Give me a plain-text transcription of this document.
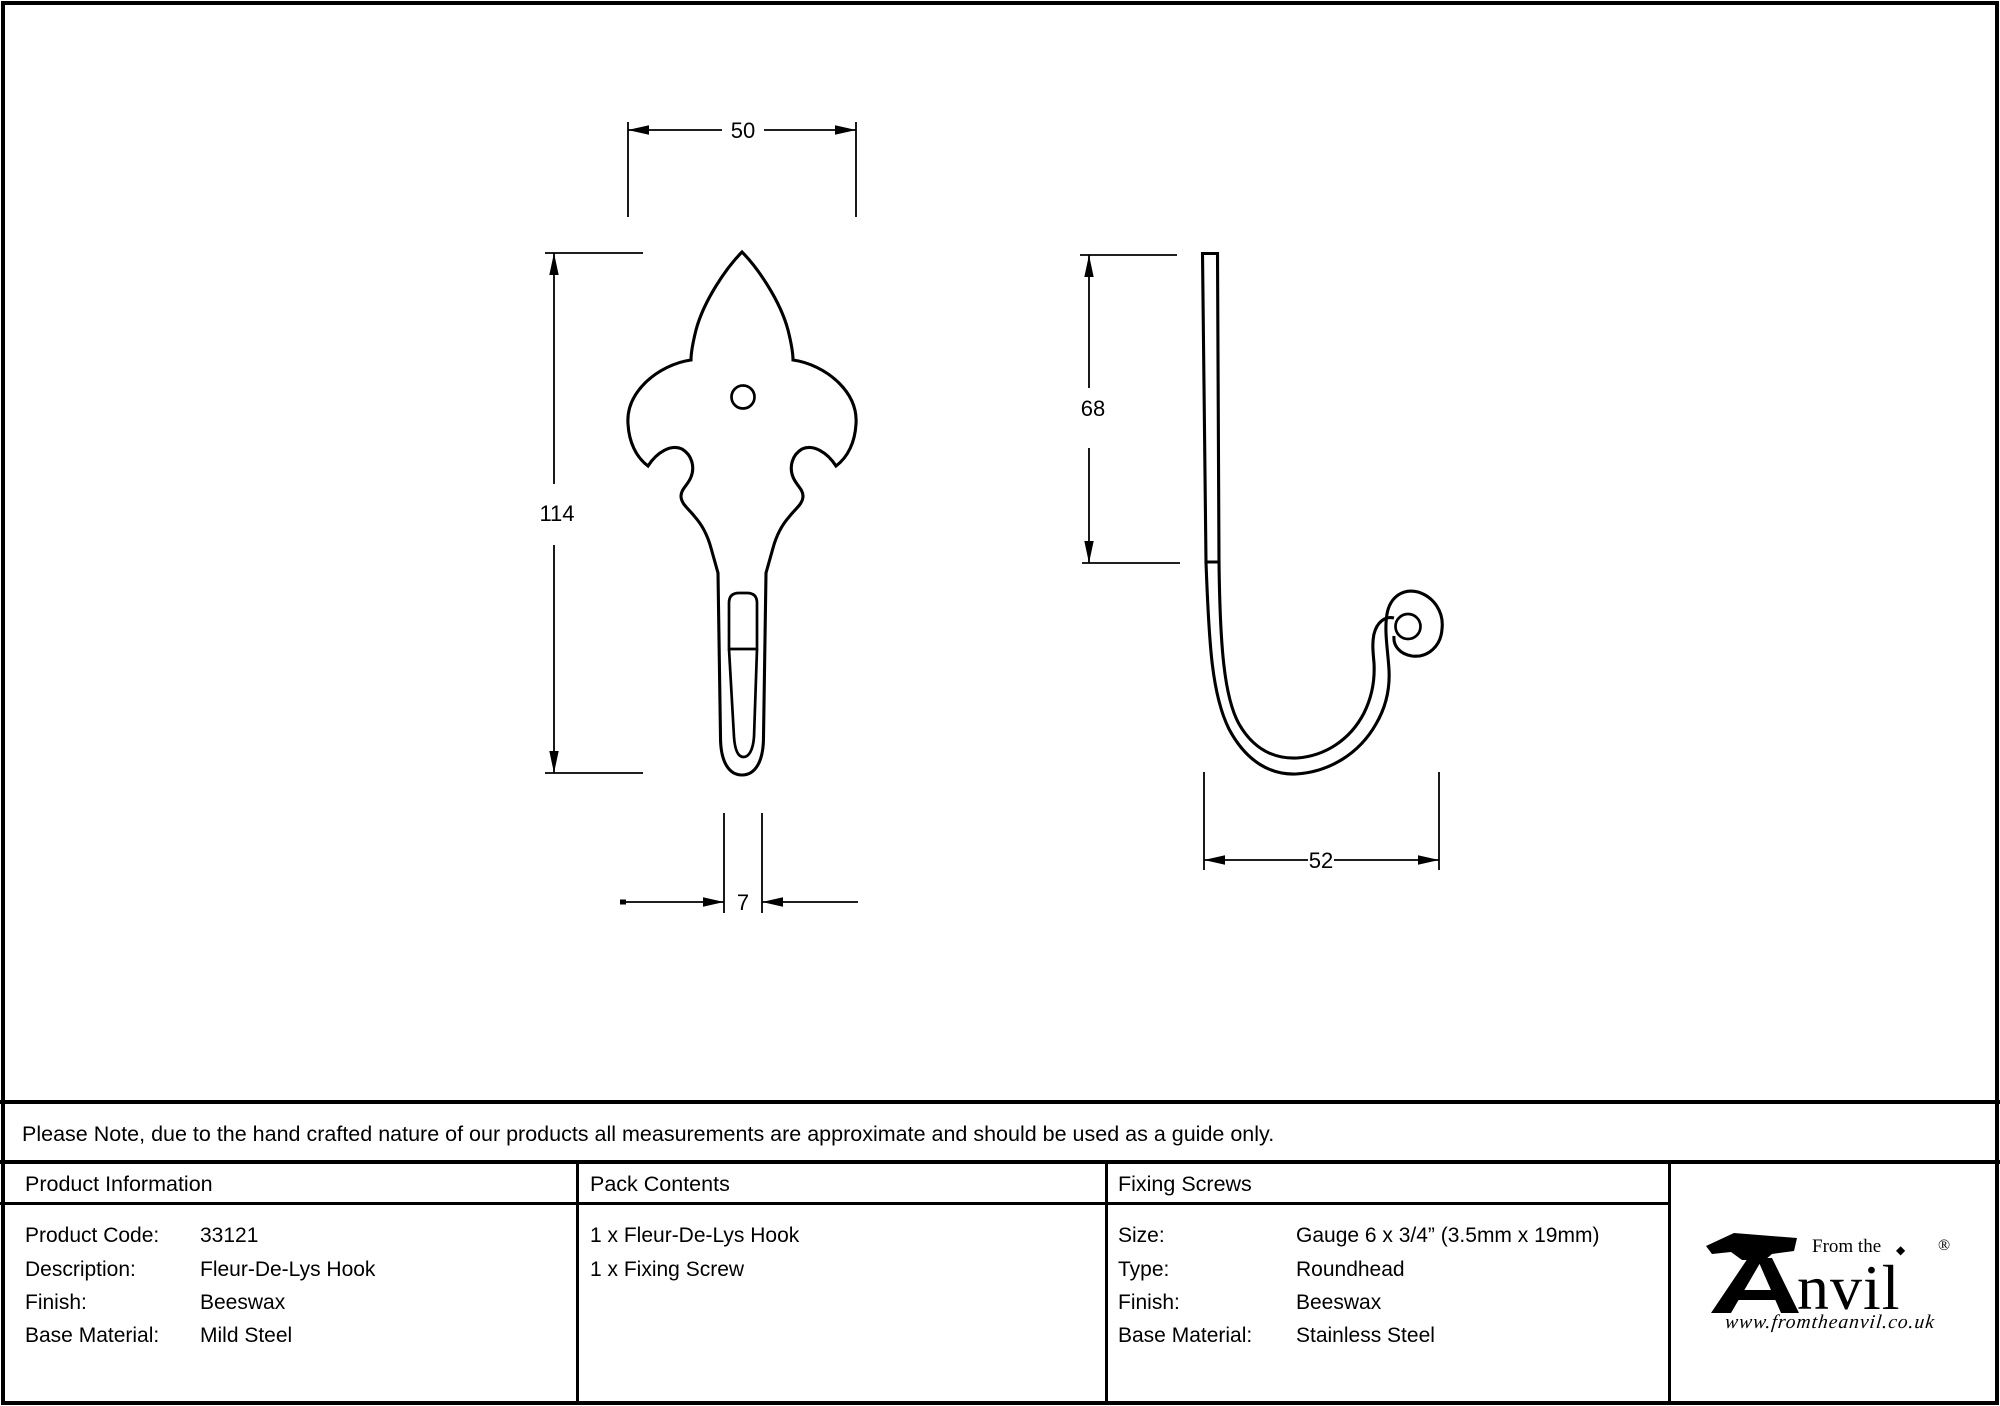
50
114
7
68
52
Please Note, due to the hand crafted nature of our products all measurements are approximate and should be used as a guide only.
Product Information	Pack Contents	Fixing Screws
Product Code:	33121
Description:	Fleur-De-Lys Hook
Finish:	Beeswax
Base Material:	Mild Steel
1 x Fleur-De-Lys Hook
1 x Fixing Screw
Size:	Gauge 6 x 3/4” (3.5mm x 19mm)
Type:	Roundhead
Finish:	Beeswax
Base Material:	Stainless Steel
From the ◆
nvil
®
www.fromtheanvil.co.uk
